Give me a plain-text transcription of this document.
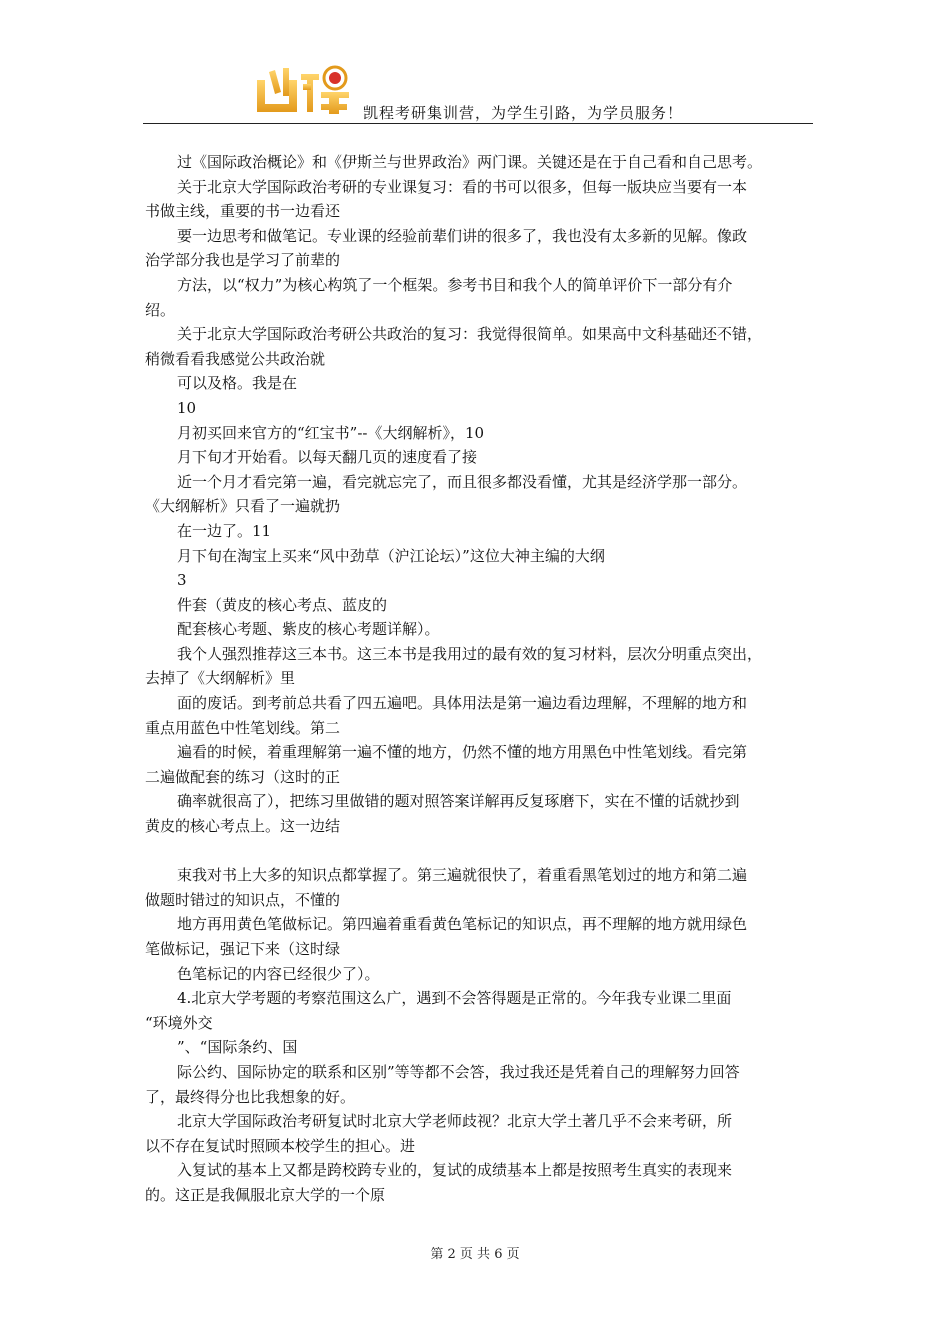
凯程考研集训营，为学生引路，为学员服务！
过《国际政治概论》和《伊斯兰与世界政治》两门课。关键还是在于自己看和自己思考。
关于北京大学国际政治考研的专业课复习：看的书可以很多，但每一版块应当要有一本
书做主线，重要的书一边看还
要一边思考和做笔记。专业课的经验前辈们讲的很多了，我也没有太多新的见解。像政
治学部分我也是学习了前辈的
方法，以“权力”为核心构筑了一个框架。参考书目和我个人的简单评价下一部分有介
绍。
关于北京大学国际政治考研公共政治的复习：我觉得很简单。如果高中文科基础还不错，
稍微看看我感觉公共政治就
可以及格。我是在
10
月初买回来官方的“红宝书”--《大纲解析》，10
月下旬才开始看。以每天翻几页的速度看了接
近一个月才看完第一遍，看完就忘完了，而且很多都没看懂，尤其是经济学那一部分。
《大纲解析》只看了一遍就扔
在一边了。11
月下旬在淘宝上买来“风中劲草（沪江论坛）”这位大神主编的大纲
3
件套（黄皮的核心考点、蓝皮的
配套核心考题、紫皮的核心考题详解）。
我个人强烈推荐这三本书。这三本书是我用过的最有效的复习材料，层次分明重点突出，
去掉了《大纲解析》里
面的废话。到考前总共看了四五遍吧。具体用法是第一遍边看边理解，不理解的地方和
重点用蓝色中性笔划线。第二
遍看的时候，着重理解第一遍不懂的地方，仍然不懂的地方用黑色中性笔划线。看完第
二遍做配套的练习（这时的正
确率就很高了），把练习里做错的题对照答案详解再反复琢磨下，实在不懂的话就抄到
黄皮的核心考点上。这一边结
束我对书上大多的知识点都掌握了。第三遍就很快了，着重看黑笔划过的地方和第二遍
做题时错过的知识点，不懂的
地方再用黄色笔做标记。第四遍着重看黄色笔标记的知识点，再不理解的地方就用绿色
笔做标记，强记下来（这时绿
色笔标记的内容已经很少了）。
4.北京大学考题的考察范围这么广，遇到不会答得题是正常的。今年我专业课二里面
“环境外交
”、“国际条约、国
际公约、国际协定的联系和区别”等等都不会答，我过我还是凭着自己的理解努力回答
了，最终得分也比我想象的好。
北京大学国际政治考研复试时北京大学老师歧视？北京大学土著几乎不会来考研，所
以不存在复试时照顾本校学生的担心。进
入复试的基本上又都是跨校跨专业的，复试的成绩基本上都是按照考生真实的表现来
的。这正是我佩服北京大学的一个原
第 2 页 共 6 页
